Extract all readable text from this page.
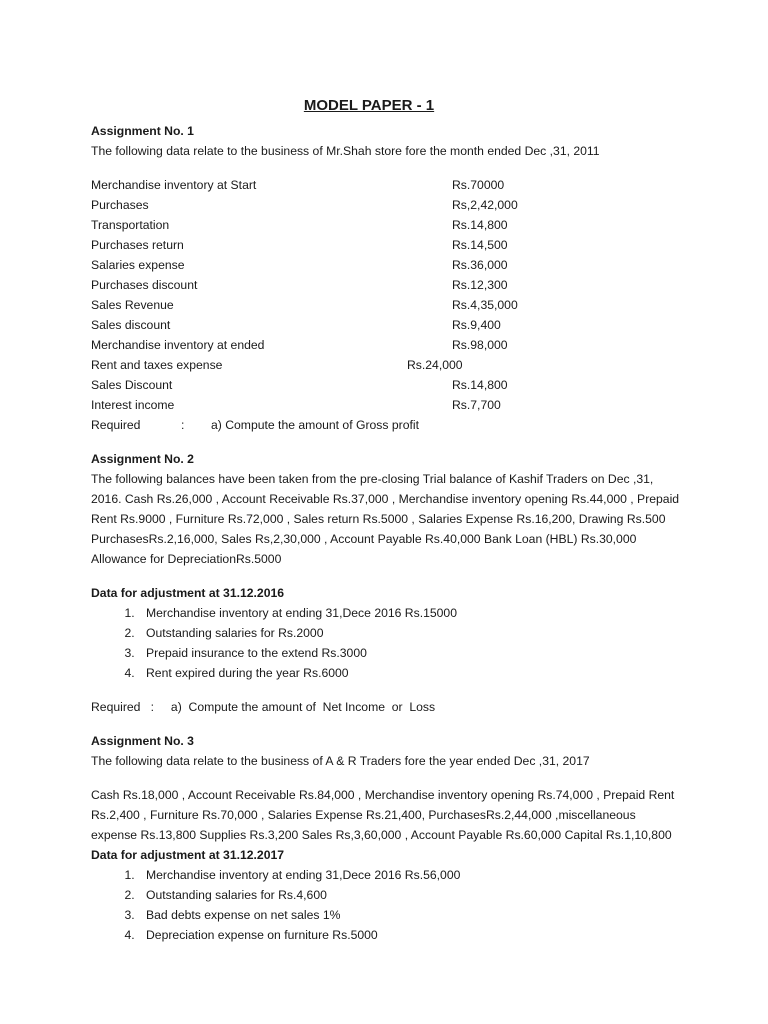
MODEL PAPER - 1

Assignment No. 1

The following data relate to the business of Mr.Shah store fore the month ended Dec ,31, 2011

Merchandise inventory at Start	Rs.70000
Purchases	Rs,2,42,000
Transportation	Rs.14,800
Purchases return	Rs.14,500
Salaries expense	Rs.36,000
Purchases discount	Rs.12,300
Sales Revenue	Rs.4,35,000
Sales discount	Rs.9,400
Merchandise inventory at ended	Rs.98,000
Rent and taxes expense	Rs.24,000
Sales Discount	Rs.14,800
Interest income	Rs.7,700
Required	:	a) Compute the amount of Gross profit

Assignment No. 2

The following balances have been taken from the pre-closing Trial balance of Kashif Traders on Dec ,31, 2016. Cash Rs.26,000 , Account Receivable Rs.37,000 , Merchandise inventory opening Rs.44,000 , Prepaid Rent Rs.9000 , Furniture Rs.72,000 , Sales return Rs.5000 , Salaries Expense Rs.16,200, Drawing Rs.500 PurchasesRs.2,16,000, Sales Rs,2,30,000 , Account Payable Rs.40,000 Bank Loan (HBL) Rs.30,000 Allowance for DepreciationRs.5000

Data for adjustment at 31.12.2016

1. Merchandise inventory at ending 31,Dece 2016 Rs.15000
2. Outstanding salaries for Rs.2000
3. Prepaid insurance to the extend Rs.3000
4. Rent expired during the year Rs.6000

Required   :     a)  Compute the amount of  Net Income  or  Loss

Assignment No. 3

The following data relate to the business of A & R Traders fore the year ended Dec ,31, 2017

Cash Rs.18,000 , Account Receivable Rs.84,000 , Merchandise inventory opening Rs.74,000 , Prepaid Rent Rs.2,400 , Furniture Rs.70,000 , Salaries Expense Rs.21,400, PurchasesRs.2,44,000 ,miscellaneous expense Rs.13,800 Supplies Rs.3,200 Sales Rs,3,60,000 , Account Payable Rs.60,000 Capital Rs.1,10,800

Data for adjustment at 31.12.2017

1. Merchandise inventory at ending 31,Dece 2016 Rs.56,000
2. Outstanding salaries for Rs.4,600
3. Bad debts expense on net sales 1%
4. Depreciation expense on furniture Rs.5000
